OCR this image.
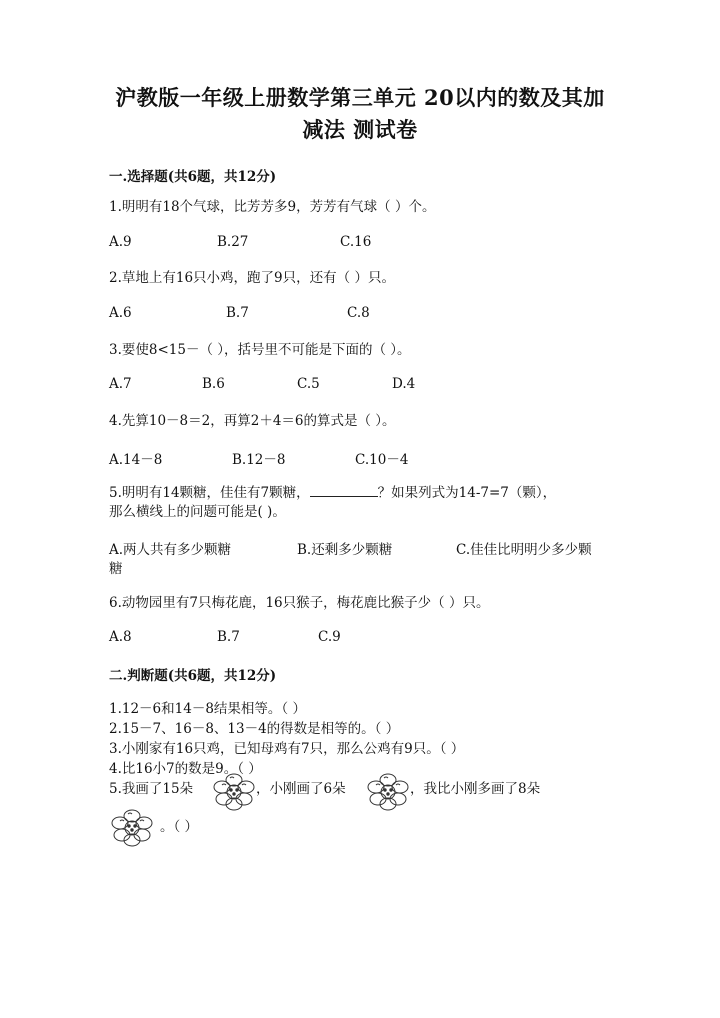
沪教版一年级上册数学第三单元 20以内的数及其加
减法 测试卷
一.选择题(共6题，共12分)
1.明明有18个气球，比芳芳多9，芳芳有气球（ ）个。
A.9	B.27	C.16
2.草地上有16只小鸡，跑了9只，还有（ ）只。
A.6	B.7	C.8
3.要使8<15－（ ），括号里不可能是下面的（ ）。
A.7	B.6	C.5	D.4
4.先算10－8＝2，再算2＋4＝6的算式是（ ）。
A.14－8	B.12－8	C.10－4
5.明明有14颗糖，佳佳有7颗糖，	？如果列式为14-7=7（颗），
那么横线上的问题可能是( )。
A.两人共有多少颗糖	B.还剩多少颗糖	C.佳佳比明明少多少颗
糖
6.动物园里有7只梅花鹿，16只猴子，梅花鹿比猴子少（ ）只。
A.8	B.7	C.9
二.判断题(共6题，共12分)
1.12－6和14－8结果相等。（ ）
2.15－7、16－8、13－4的得数是相等的。（ ）
3.小刚家有16只鸡，已知母鸡有7只，那么公鸡有9只。（ ）
4.比16小7的数是9。（ ）
5.我画了15朵	，小刚画了6朵	，我比小刚多画了8朵
。（ ）
